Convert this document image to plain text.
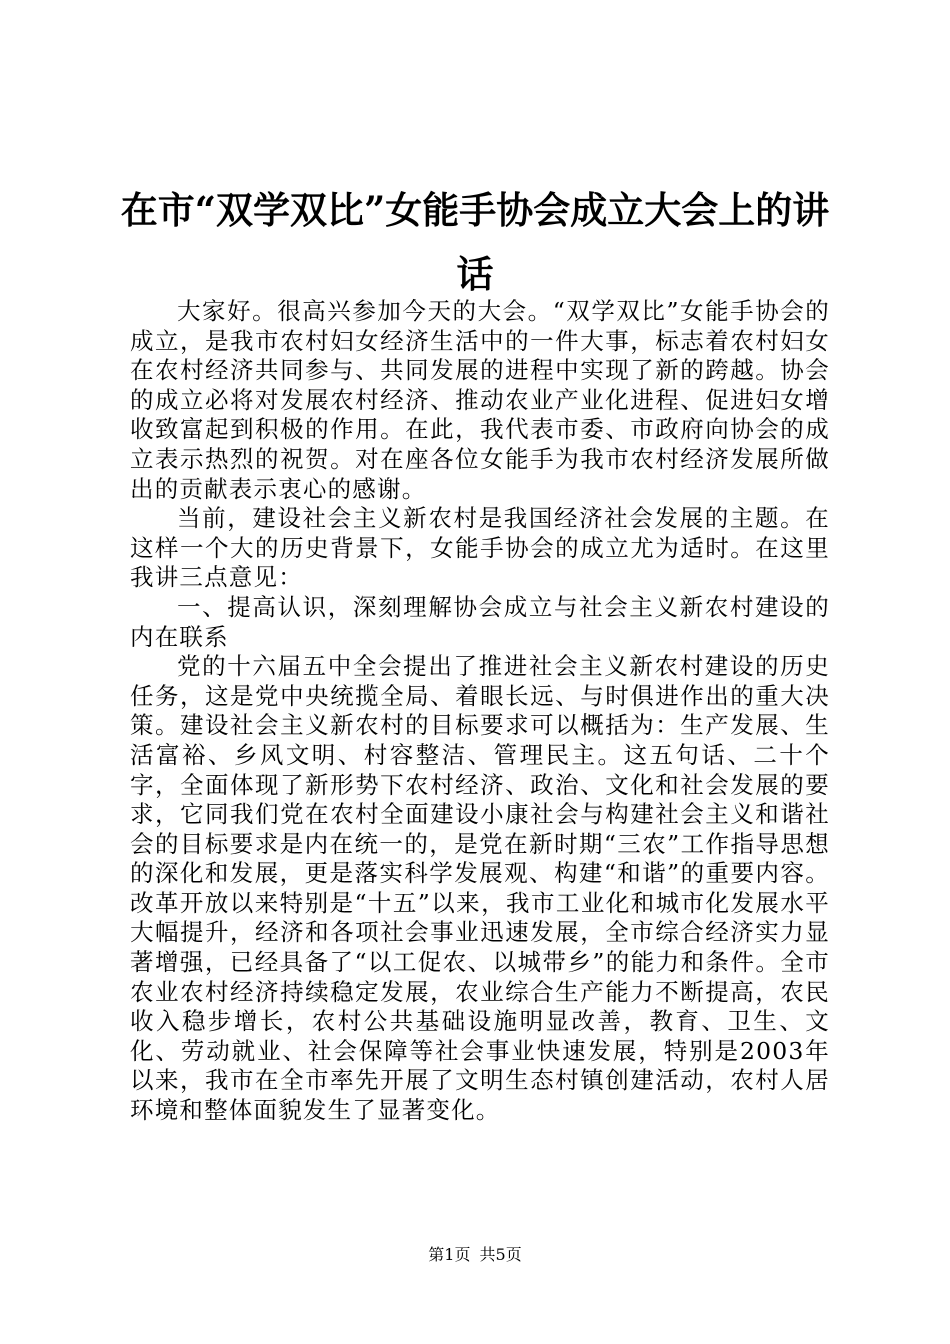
在市“双学双比”女能手协会成立大会上的讲话

大家好。很高兴参加今天的大会。“双学双比”女能手协会的成立，是我市农村妇女经济生活中的一件大事，标志着农村妇女在农村经济共同参与、共同发展的进程中实现了新的跨越。协会的成立必将对发展农村经济、推动农业产业化进程、促进妇女增收致富起到积极的作用。在此，我代表市委、市政府向协会的成立表示热烈的祝贺。对在座各位女能手为我市农村经济发展所做出的贡献表示衷心的感谢。

当前，建设社会主义新农村是我国经济社会发展的主题。在这样一个大的历史背景下，女能手协会的成立尤为适时。在这里我讲三点意见：

一、提高认识，深刻理解协会成立与社会主义新农村建设的内在联系

党的十六届五中全会提出了推进社会主义新农村建设的历史任务，这是党中央统揽全局、着眼长远、与时俱进作出的重大决策。建设社会主义新农村的目标要求可以概括为：生产发展、生活富裕、乡风文明、村容整洁、管理民主。这五句话、二十个字，全面体现了新形势下农村经济、政治、文化和社会发展的要求，它同我们党在农村全面建设小康社会与构建社会主义和谐社会的目标要求是内在统一的，是党在新时期“三农”工作指导思想的深化和发展，更是落实科学发展观、构建“和谐”的重要内容。改革开放以来特别是“十五”以来，我市工业化和城市化发展水平大幅提升，经济和各项社会事业迅速发展，全市综合经济实力显著增强，已经具备了“以工促农、以城带乡”的能力和条件。全市农业农村经济持续稳定发展，农业综合生产能力不断提高，农民收入稳步增长，农村公共基础设施明显改善，教育、卫生、文化、劳动就业、社会保障等社会事业快速发展，特别是2003年以来，我市在全市率先开展了文明生态村镇创建活动，农村人居环境和整体面貌发生了显著变化。

第1页 共5页
